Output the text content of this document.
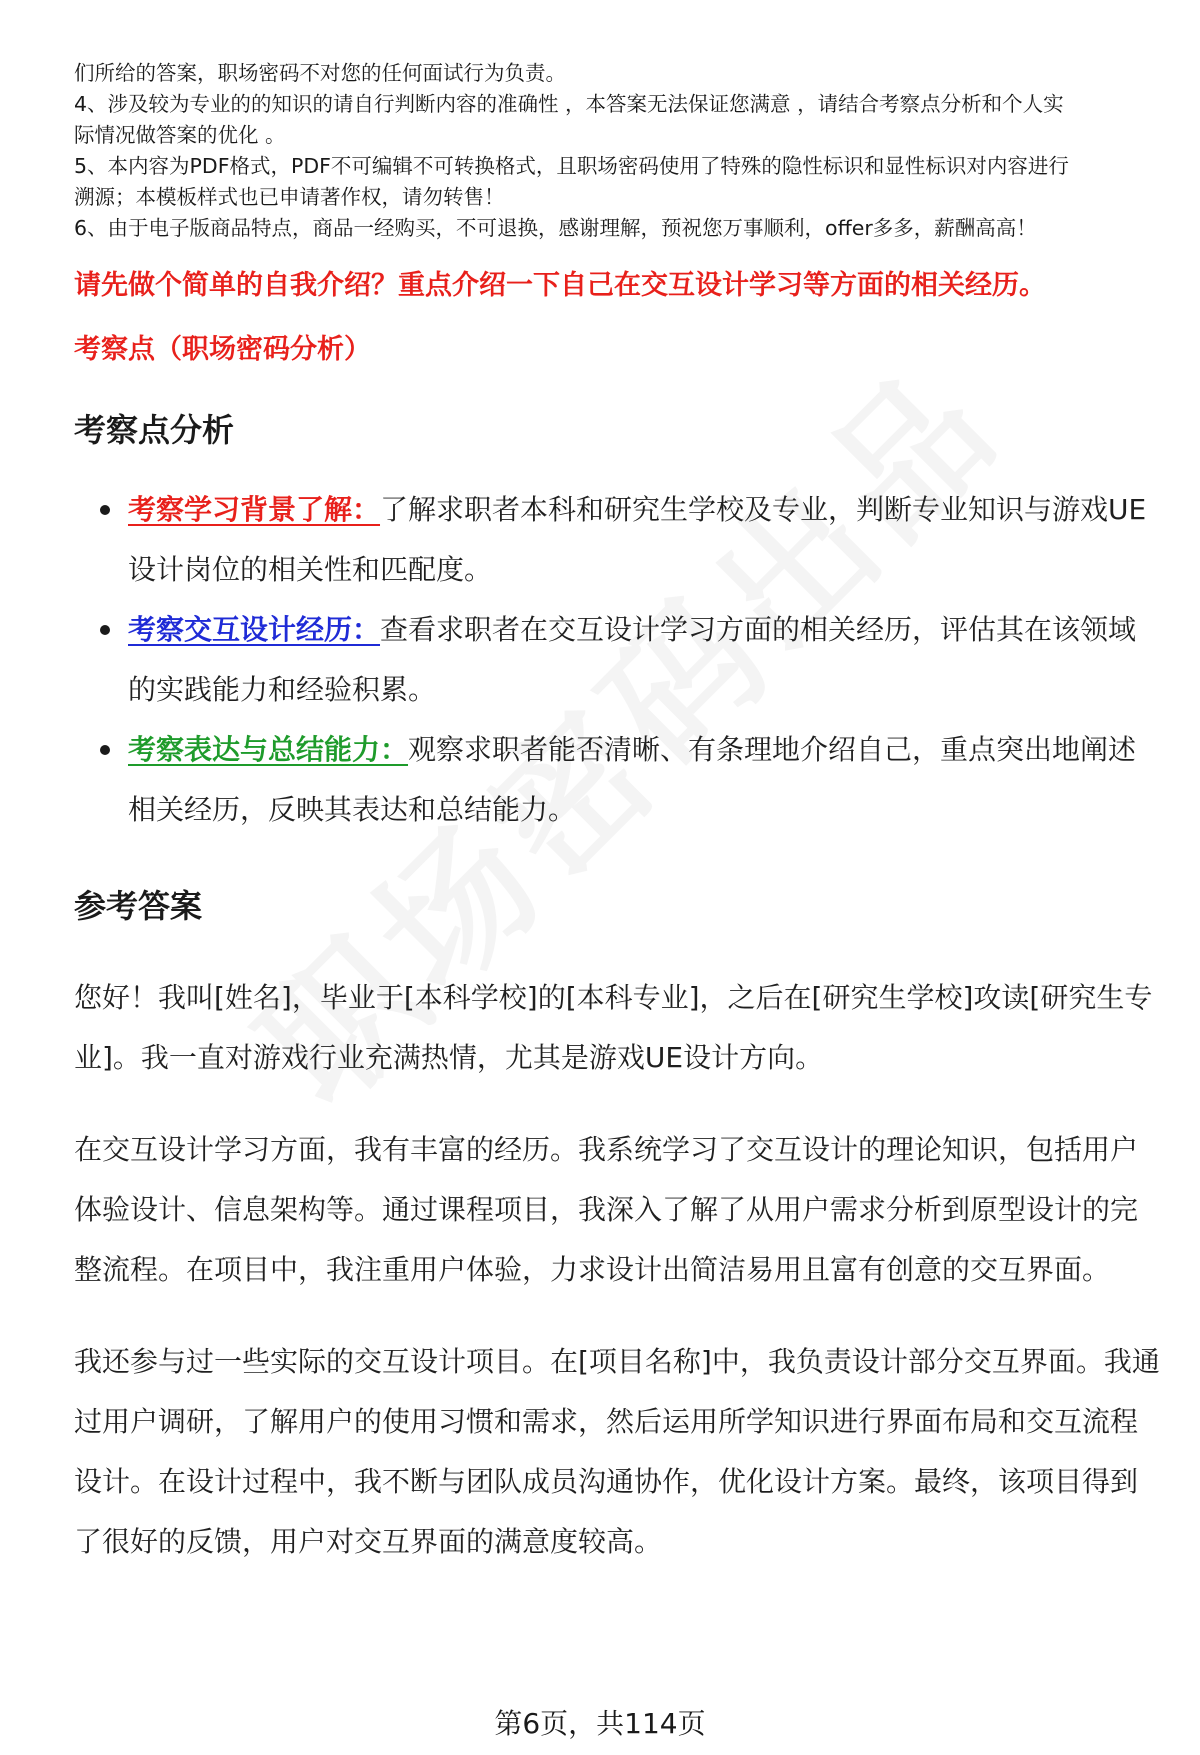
们所给的答案，职场密码不对您的任何面试行为负责。

4、涉及较为专业的的知识的请自行判断内容的准确性 ，本答案无法保证您满意 ，请结合考察点分析和个人实

际情况做答案的优化 。

5、本内容为PDF格式，PDF不可编辑不可转换格式，且职场密码使用了特殊的隐性标识和显性标识对内容进行

溯源；本模板样式也已申请著作权，请勿转售！

6、由于电子版商品特点，商品一经购买，不可退换，感谢理解，预祝您万事顺利，offer多多，薪酬高高！

请先做个简单的自我介绍？重点介绍一下自己在交互设计学习等方面的相关经历。
考察点（职场密码分析）
考察点分析
考察学习背景了解：了解求职者本科和研究生学校及专业，判断专业知识与游戏UE设计岗位的相关性和匹配度。
考察交互设计经历：查看求职者在交互设计学习方面的相关经历，评估其在该领域的实践能力和经验积累。
考察表达与总结能力：观察求职者能否清晰、有条理地介绍自己，重点突出地阐述相关经历，反映其表达和总结能力。
参考答案

您好！我叫[姓名]，毕业于[本科学校]的[本科专业]，之后在[研究生学校]攻读[研究生专业]。我一直对游戏行业充满热情，尤其是游戏UE设计方向。

在交互设计学习方面，我有丰富的经历。我系统学习了交互设计的理论知识，包括用户体验设计、信息架构等。通过课程项目，我深入了解了从用户需求分析到原型设计的完整流程。在项目中，我注重用户体验，力求设计出简洁易用且富有创意的交互界面。

我还参与过一些实际的交互设计项目。在[项目名称]中，我负责设计部分交互界面。我通过用户调研，了解用户的使用习惯和需求，然后运用所学知识进行界面布局和交互流程设计。在设计过程中，我不断与团队成员沟通协作，优化设计方案。最终，该项目得到了很好的反馈，用户对交互界面的满意度较高。

第6页，共114页
